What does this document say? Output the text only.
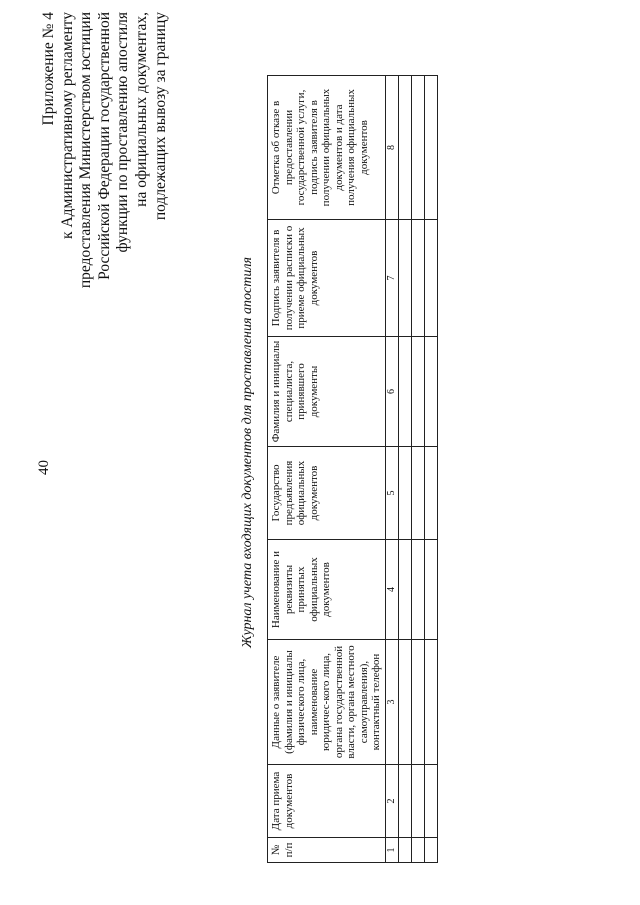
40
Приложение № 4 к Административному регламенту предоставления Министерством юстиции Российской Федерации государственной функции по проставлению апостиля на официальных документах, подлежащих вывозу за границу
Журнал учета входящих документов для проставления апостиля
№ п/п	Дата приема документов	Данные о заявителе (фамилия и инициалы физического лица, наименование юридичес-кого лица, органа государственной власти, органа местного самоуправления), контактный телефон	Наименование и реквизиты принятых официальных документов	Государство предъявления официальных документов	Фамилия и инициалы специалиста, принявшего документы	Подпись заявителя в получении расписки о приеме официальных документов	Отметка об отказе в предоставлении государственной услуги, подпись заявителя в получении официальных документов и дата получения официальных документов
1	2	3	4	5	6	7	8
